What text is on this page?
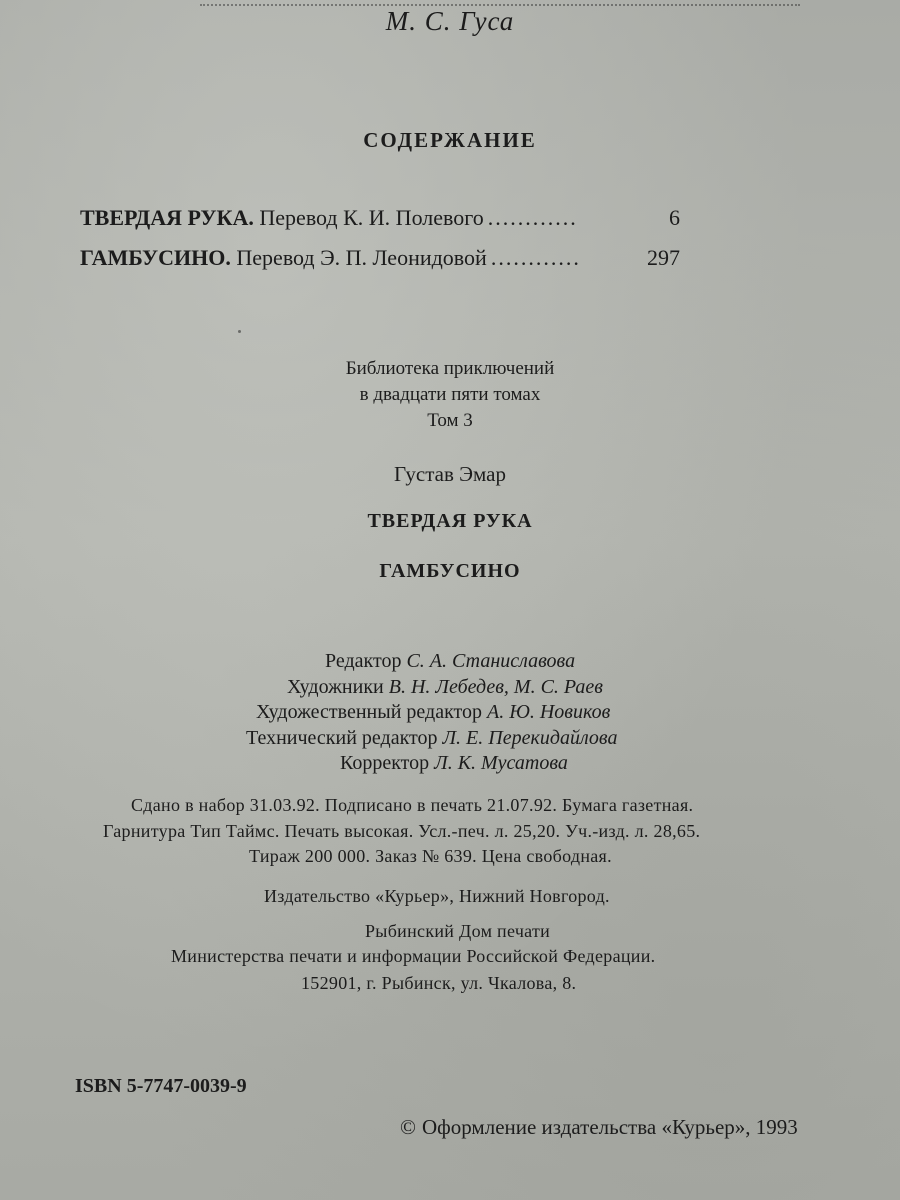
М. С. Гуса
СОДЕРЖАНИЕ
ТВЕРДАЯ РУКА.
Перевод К. И. Полевого ............	6
ГАМБУСИНО.
Перевод Э. П. Леонидовой ............	297
Библиотека приключений
в двадцати пяти томах
Том 3
Густав Эмар
ТВЕРДАЯ РУКА
ГАМБУСИНО
Редактор С. А. Станиславова
Художники В. Н. Лебедев, М. С. Раев
Художественный редактор А. Ю. Новиков
Технический редактор Л. Е. Перекидайлова
Корректор Л. К. Мусатова
Сдано в набор 31.03.92. Подписано в печать 21.07.92. Бумага газетная.
Гарнитура Тип Таймс. Печать высокая. Усл.-печ. л. 25,20. Уч.-изд. л. 28,65.
Тираж 200 000. Заказ № 639. Цена свободная.
Издательство «Курьер», Нижний Новгород.
Рыбинский Дом печати
Министерства печати и информации Российской Федерации.
152901, г. Рыбинск, ул. Чкалова, 8.
ISBN 5-7747-0039-9
© Оформление издательства «Курьер», 1993
